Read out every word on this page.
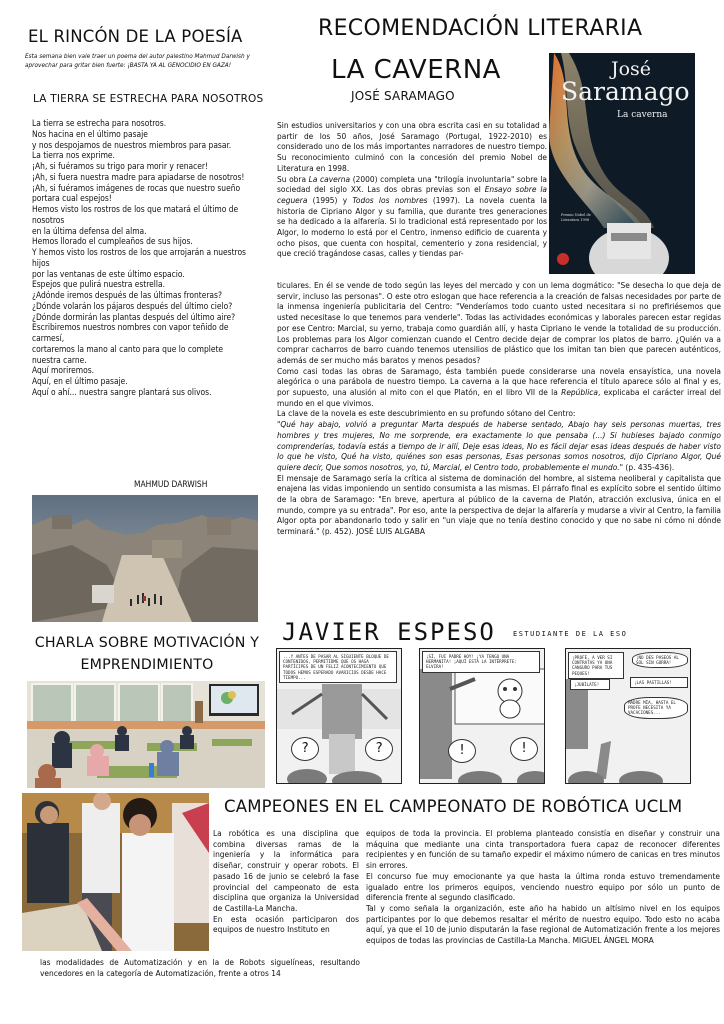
EL RINCÓN DE LA POESÍA
Esta semana bien vale traer un poema del autor palestino Mahmud Darwish y aprovechar para gritar bien fuerte: ¡BASTA YA AL GENOCIDIO EN GAZA!
LA TIERRA SE ESTRECHA PARA NOSOTROS
La tierra se estrecha para nosotros.
Nos hacina en el último pasaje
y nos despojamos de nuestros miembros para pasar.
La tierra nos exprime.
¡Ah, si fuéramos su trigo para morir y renacer!
¡Ah, si fuera nuestra madre para apiadarse de nosotros!
¡Ah, si fuéramos imágenes de rocas que nuestro sueño portara cual espejos!
Hemos visto los rostros de los que matará el último de nosotros
en la última defensa del alma.
Hemos llorado el cumpleaños de sus hijos.
Y hemos visto los rostros de los que arrojarán a nuestros hijos
por las ventanas de este último espacio.
Espejos que pulirá nuestra estrella.
¿Adónde iremos después de las últimas fronteras?
¿Dónde volarán los pájaros después del último cielo?
¿Dónde dormirán las plantas después del último aire?
Escribiremos nuestros nombres con vapor teñido de carmesí,
cortaremos la mano al canto para que lo complete nuestra carne.
Aquí moriremos.
Aquí, en el último pasaje.
Aquí o ahí... nuestra sangre plantará sus olivos.
MAHMUD DARWISH
RECOMENDACIÓN LITERARIA
LA CAVERNA
JOSÉ SARAMAGO
José
Saramago
La caverna
Premio Nobel de Literatura 1998

Sin estudios universitarios y con una obra escrita casi en su totalidad a partir de los 50 años, José Saramago (Portugal, 1922-2010) es considerado uno de los más importantes narradores de nuestro tiempo. Su reconocimiento culminó con la concesión del premio Nobel de Literatura en 1998.

Su obra La caverna (2000) completa una "trilogía involuntaria" sobre la sociedad del siglo XX. Las dos obras previas son el Ensayo sobre la ceguera (1995) y Todos los nombres (1997). La novela cuenta la historia de Cipriano Algor y su familia, que durante tres generaciones se ha dedicado a la alfarería. Si lo tradicional está representado por los Algor, lo moderno lo está por el Centro, inmenso edificio de cuarenta y ocho pisos, que cuenta con hospital, cementerio y zona residencial, y que creció tragándose casas, calles y tiendas par-

ticulares. En él se vende de todo según las leyes del mercado y con un lema dogmático: "Se desecha lo que deja de servir, incluso las personas". O este otro eslogan que hace referencia a la creación de falsas necesidades por parte de la inmensa ingeniería publicitaria del Centro: "Venderíamos todo cuanto usted necesitara si no prefiriésemos que usted necesitase lo que tenemos para venderle". Todas las actividades económicas y laborales parecen estar regidas por ese Centro: Marcial, su yerno, trabaja como guardián allí, y hasta Cipriano le vende la totalidad de su producción. Los problemas para los Algor comienzan cuando el Centro decide dejar de comprar los platos de barro. ¿Quién va a comprar cacharros de barro cuando tenemos utensilios de plástico que los imitan tan bien que parecen auténticos, además de ser mucho más baratos y menos pesados?

Como casi todas las obras de Saramago, ésta también puede considerarse una novela ensayística, una novela alegórica o una parábola de nuestro tiempo. La caverna a la que hace referencia el título aparece sólo al final y es, por supuesto, una alusión al mito con el que Platón, en el libro VII de la República, explicaba el carácter irreal del mundo en el que vivimos.

La clave de la novela es este descubrimiento en su profundo sótano del Centro:

"Qué hay abajo, volvió a preguntar Marta después de haberse sentado, Abajo hay seis personas muertas, tres hombres y tres mujeres, No me sorprende, era exactamente lo que pensaba (...) Si hubieses bajado conmigo comprenderías, todavía estás a tiempo de ir allí, Deje esas ideas, No es fácil dejar esas ideas después de haber visto lo que he visto, Qué ha visto, quiénes son esas personas, Esas personas somos nosotros, dijo Cipriano Algor, Qué quiere decir, Que somos nosotros, yo, tú, Marcial, el Centro todo, probablemente el mundo." (p. 435-436).

El mensaje de Saramago sería la crítica al sistema de dominación del hombre, al sistema neoliberal y capitalista que enajena las vidas imponiendo un sentido consumista a las mismas. El párrafo final es explícito sobre el sentido último de la obra de Saramago: "En breve, apertura al público de la caverna de Platón, atracción exclusiva, única en el mundo, compre ya su entrada". Por eso, ante la perspectiva de dejar la alfarería y mudarse a vivir al Centro, la familia Algor opta por abandonarlo todo y salir en "un viaje que no tenía destino conocido y que no sabe ni cómo ni dónde terminará." (p. 452). JOSÉ LUIS ALGABA

CHARLA SOBRE MOTIVACIÓN Y EMPRENDIMIENTO
JAVIER ESPESO ESTUDIANTE DE LA ESO
...Y ANTES DE PASAR AL SIGUIENTE BLOQUE DE CONTENIDOS, PERMITIDME QUE OS HAGA PARTÍCIPES DE UN FELIZ ACONTECIMIENTO QUE TODOS HEMOS ESPERADO AVARICIOS DESDE HACE TIEMPO...
?	?
¡SÍ, FUI PADRE HOY! ¡YA TENGO UNA HERMANITA! ¡AQUÍ ESTÁ LA INTÉRPRETE: ELVIRA!
!	!
¡PROFE, A VER SI CONTRATAS YA UNA CANGURO PARA TUS PEQUES!
¡NO DES PASEOS AL SOL SIN GORRA!
¡JUBÍLATE!	¡LAS PASTILLAS!
MADRE MÍA, HASTA EL PROFE NECESITA YA VACACIONES...
CAMPEONES EN EL CAMPEONATO DE ROBÓTICA UCLM

La robótica es una disciplina que combina diversas ramas de la ingeniería y la informática para diseñar, construir y operar robots. El pasado 16 de junio se celebró la fase provincial del campeonato de esta disciplina que organiza la Universidad de Castilla-La Mancha.

En esta ocasión participaron dos equipos de nuestro Instituto en

las modalidades de Automatización y en la de Robots siguelíneas, resultando vencedores en la categoría de Automatización, frente a otros 14

equipos de toda la provincia. El problema planteado consistía en diseñar y construir una máquina que mediante una cinta transportadora fuera capaz de reconocer diferentes recipientes y en función de su tamaño expedir el máximo número de canicas en tres minutos sin errores.

El concurso fue muy emocionante ya que hasta la última ronda estuvo tremendamente igualado entre los primeros equipos, venciendo nuestro equipo por sólo un punto de diferencia frente al segundo clasificado.

Tal y como señala la organización, este año ha habido un altísimo nivel en los equipos participantes por lo que debemos resaltar el mérito de nuestro equipo. Todo esto no acaba aquí, ya que el 10 de junio disputarán la fase regional de Automatización frente a los mejores equipos de todas las provincias de Castilla-La Mancha. MIGUEL ÁNGEL MORA
